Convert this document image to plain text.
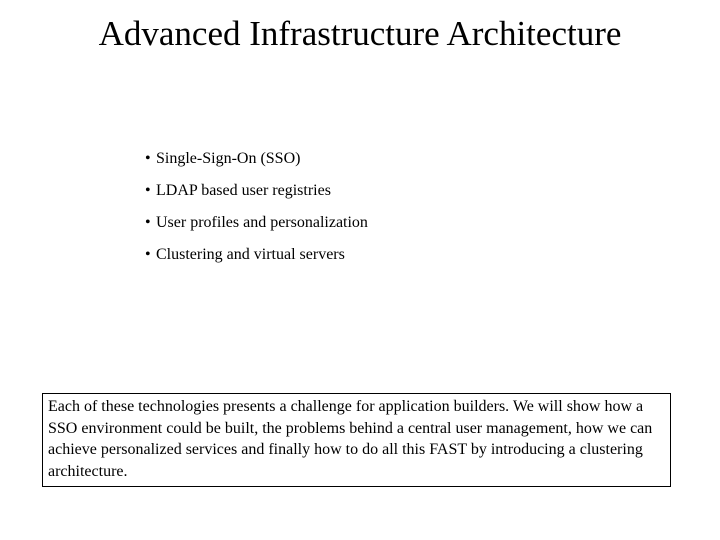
Advanced Infrastructure Architecture
• Single-Sign-On (SSO)
• LDAP based user registries
• User profiles and personalization
• Clustering and virtual servers
Each of these technologies presents a challenge for application builders. We will show how a SSO environment could be built, the problems behind a central user management, how we can achieve personalized services and finally how to do all this FAST by introducing a clustering architecture.
